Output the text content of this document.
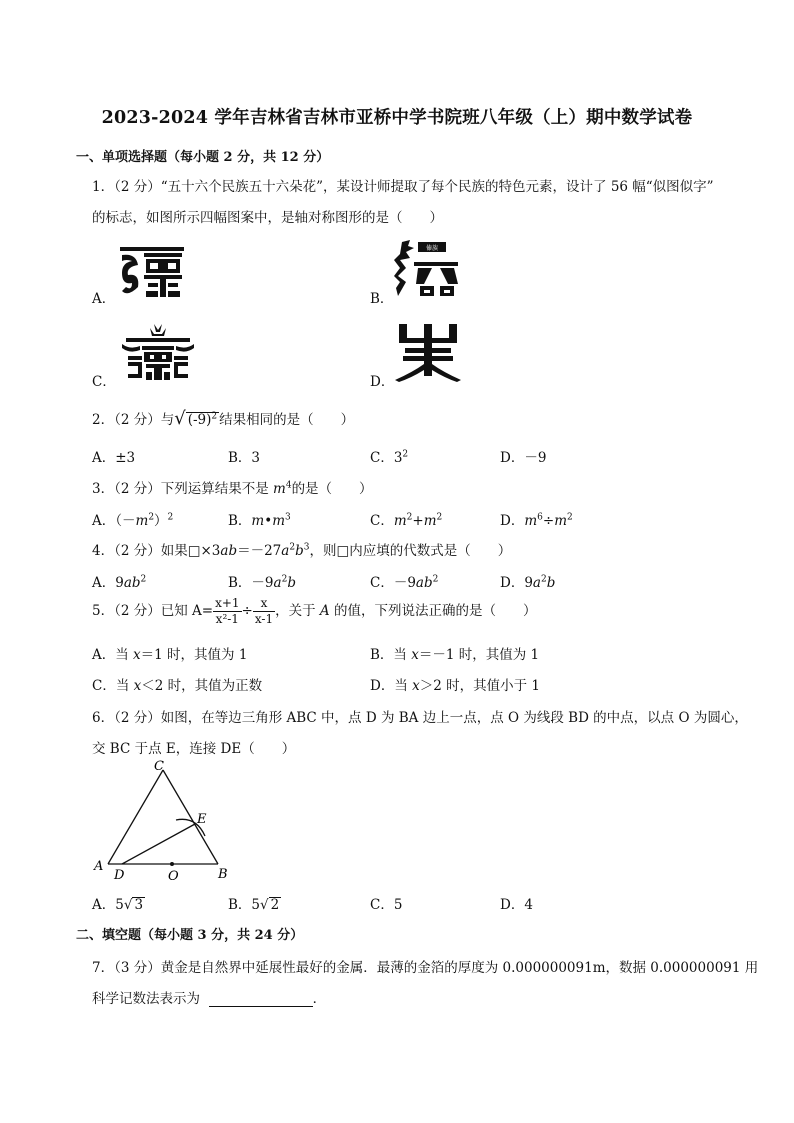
2023-2024 学年吉林省吉林市亚桥中学书院班八年级（上）期中数学试卷
一、单项选择题（每小题 2 分，共 12 分）
1．（2 分）“五十六个民族五十六朵花”，某设计师提取了每个民族的特色元素，设计了 56 幅“似图似字”
的标志，如图所示四幅图案中，是轴对称图形的是（　　）
A．	B．
傣族
C．	D．
2．（2 分）与√ $(-9)^2$ 结果相同的是（　　）
A．±3	B．3	C．$3^2$	D．－9
3．（2 分）下列运算结果不是 $m^4$的是（　　）
A．$(-m^2)^2$	B．$m•m^3$	C．$m^2+m^2$	D．$m^6\div m^2$
4．（2 分）如果$□\times 3ab=-27a^2b^3$，则□内应填的代数式是（　　）
A．$9ab^2$	B．$-9a^2b$	C．$-9ab^2$	D．$9a^2b$
5．（2 分）已知 $A= \frac{x+1}{\text{x²-1}} \div \frac{x}{x-1}$ ，关于 A 的值，下列说法正确的是（　　）
A．当 x＝1 时，其值为 1	B．当 x＝－1 时，其值为 1
C．当 x＜2 时，其值为正数	D．当 x＞2 时，其值小于 1
6．（2 分）如图，在等边三角形 ABC 中，点 D 为 BA 边上一点，点 O 为线段 BD 的中点，以点 O 为圆心，
交 BC 于点 E，连接 DE（　　）
C
E
A
D	O	B
A．5√ 3	B．5√ 2	C．5	D．4
二、填空题（每小题 3 分，共 24 分）
7．（3 分）黄金是自然界中延展性最好的金属．最薄的金箔的厚度为 0.000000091m，数据 0.000000091 用
科学记数法表示为	．
